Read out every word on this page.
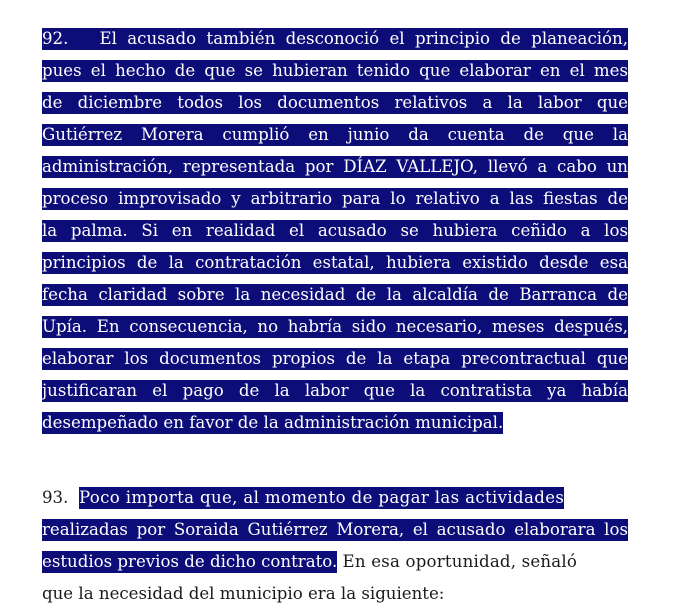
92. El acusado también desconoció el principio de planeación,
pues el hecho de que se hubieran tenido que elaborar en el mes
de diciembre todos los documentos relativos a la labor que
Gutiérrez Morera cumplió en junio da cuenta de que la
administración, representada por DÍAZ VALLEJO, llevó a cabo un
proceso improvisado y arbitrario para lo relativo a las fiestas de
la palma. Si en realidad el acusado se hubiera ceñido a los
principios de la contratación estatal, hubiera existido desde esa
fecha claridad sobre la necesidad de la alcaldía de Barranca de
Upía. En consecuencia, no habría sido necesario, meses después,
elaborar los documentos propios de la etapa precontractual que
justificaran el pago de la labor que la contratista ya había
desempeñado en favor de la administración municipal.
93. Poco importa que, al momento de pagar las actividades
realizadas por Soraida Gutiérrez Morera, el acusado elaborara los
estudios previos de dicho contrato. En esa oportunidad, señaló
que la necesidad del municipio era la siguiente:
